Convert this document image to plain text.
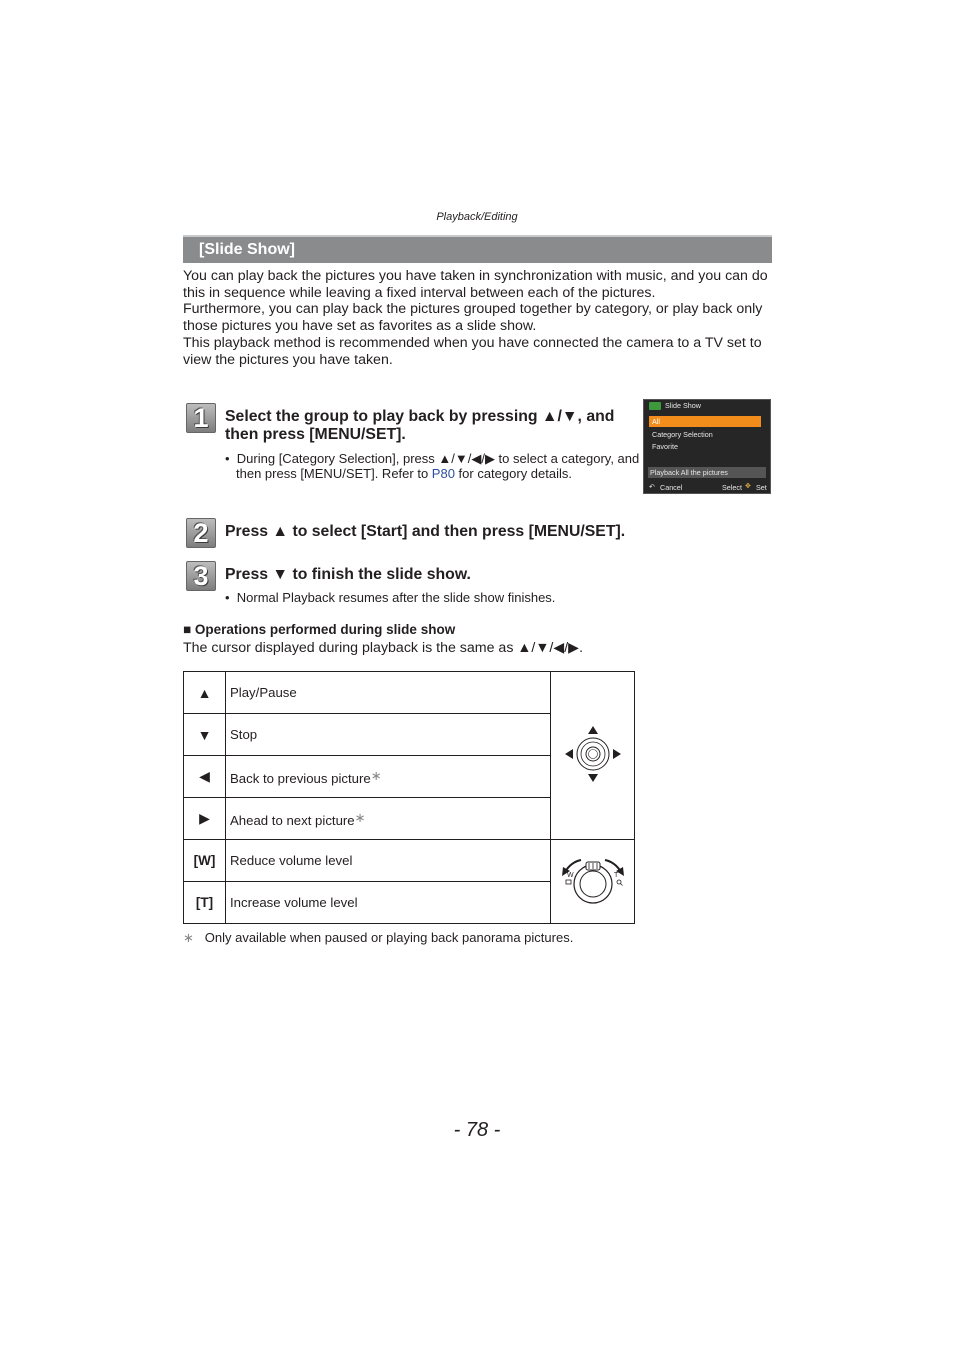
Playback/Editing
[Slide Show]

You can play back the pictures you have taken in synchronization with music, and you can do this in sequence while leaving a fixed interval between each of the pictures.

Furthermore, you can play back the pictures grouped together by category, or play back only those pictures you have set as favorites as a slide show.

This playback method is recommended when you have connected the camera to a TV set to view the pictures you have taken.

1	Select the group to play back by pressing ▲/▼, and then press [MENU/SET].
•  During [Category Selection], press ▲/▼/◀/▶ to select a category, and then press [MENU/SET]. Refer to P80 for category details.
Slide Show
All
Category Selection
Favorite
Playback All the pictures
↶ Cancel	Select ✥ Set
2	Press ▲ to select [Start] and then press [MENU/SET].
3	Press ▼ to finish the slide show.
•  Normal Playback resumes after the slide show finishes.
■ Operations performed during slide show
The cursor displayed during playback is the same as ▲/▼/◀/▶.
▲	Play/Pause	
▼	Stop	
◀	Back to previous picture∗	
▶	Ahead to next picture∗	
[W]	Reduce volume level	W T

[T]	Increase volume level	
∗ Only available when paused or playing back panorama pictures.
- 78 -
